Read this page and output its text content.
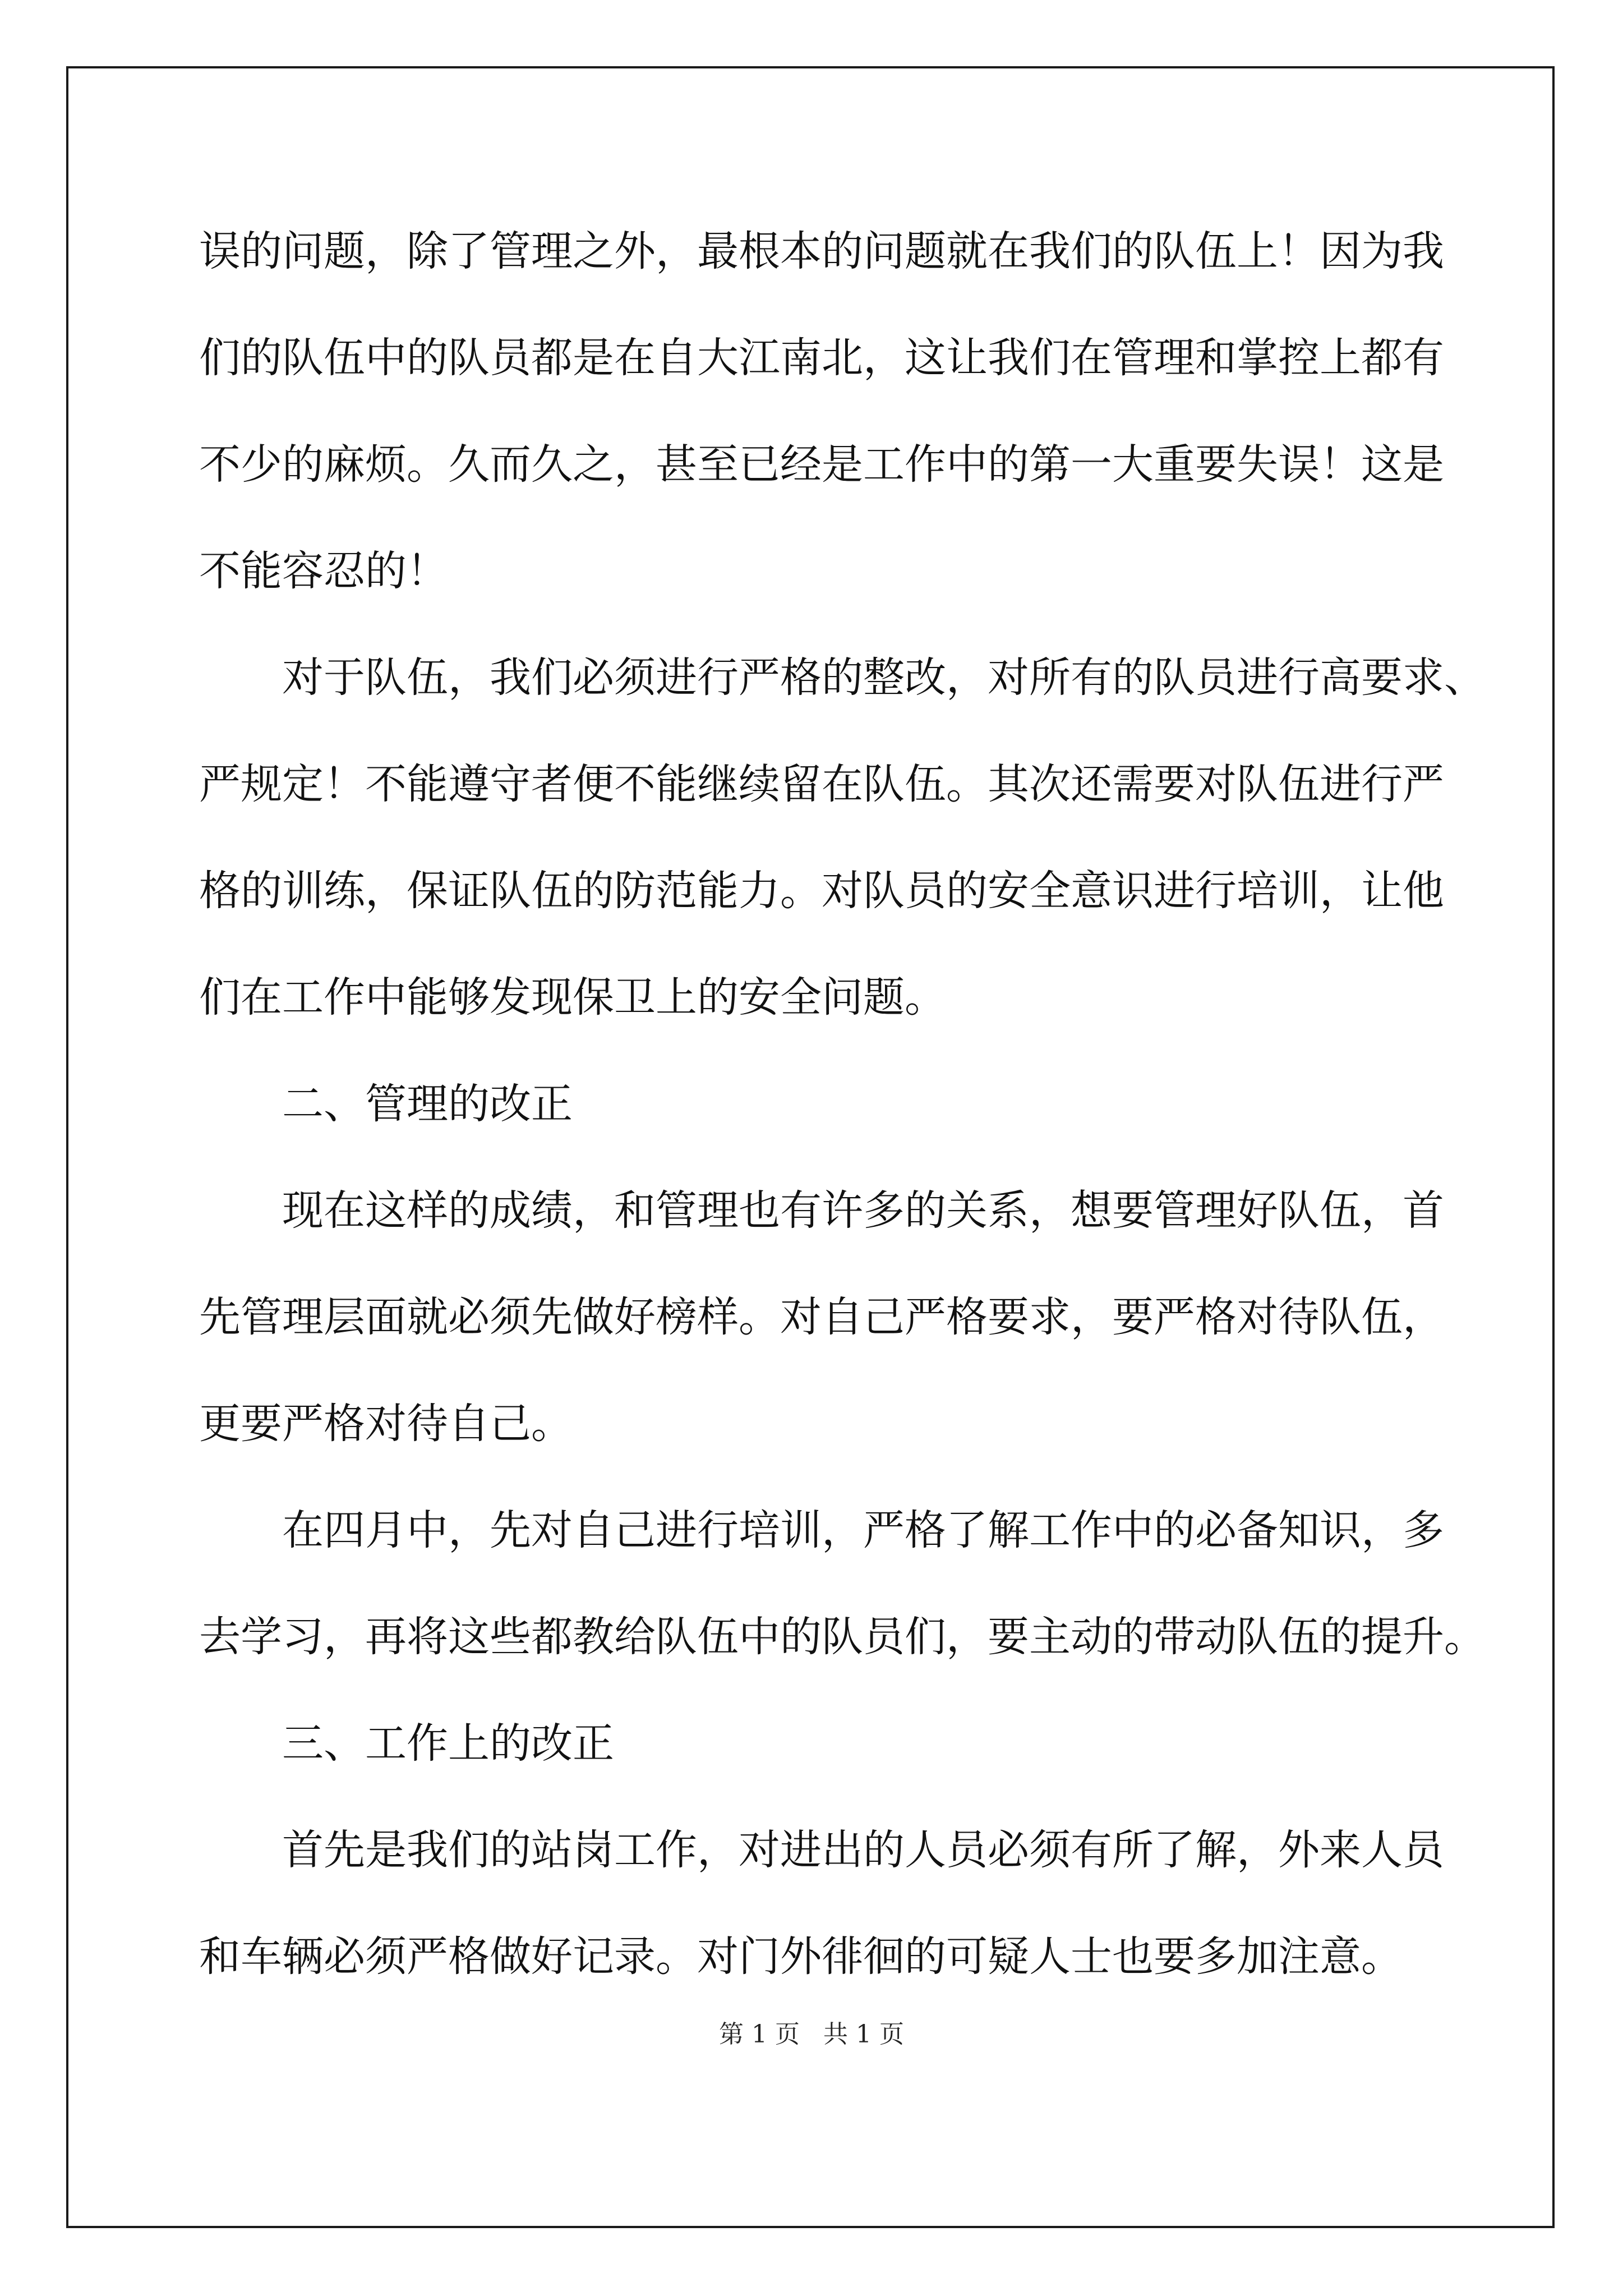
误的问题，除了管理之外，最根本的问题就在我们的队伍上！因为我
们的队伍中的队员都是在自大江南北，这让我们在管理和掌控上都有
不少的麻烦。久而久之，甚至已经是工作中的第一大重要失误！这是
不能容忍的！
对于队伍，我们必须进行严格的整改，对所有的队员进行高要求、
严规定！不能遵守者便不能继续留在队伍。其次还需要对队伍进行严
格的训练，保证队伍的防范能力。对队员的安全意识进行培训，让他
们在工作中能够发现保卫上的安全问题。
二、管理的改正
现在这样的成绩，和管理也有许多的关系，想要管理好队伍，首
先管理层面就必须先做好榜样。对自己严格要求，要严格对待队伍，
更要严格对待自己。
在四月中，先对自己进行培训，严格了解工作中的必备知识，多
去学习，再将这些都教给队伍中的队员们，要主动的带动队伍的提升。
三、工作上的改正
首先是我们的站岗工作，对进出的人员必须有所了解，外来人员
和车辆必须严格做好记录。对门外徘徊的可疑人士也要多加注意。
第 1 页   共 1 页
